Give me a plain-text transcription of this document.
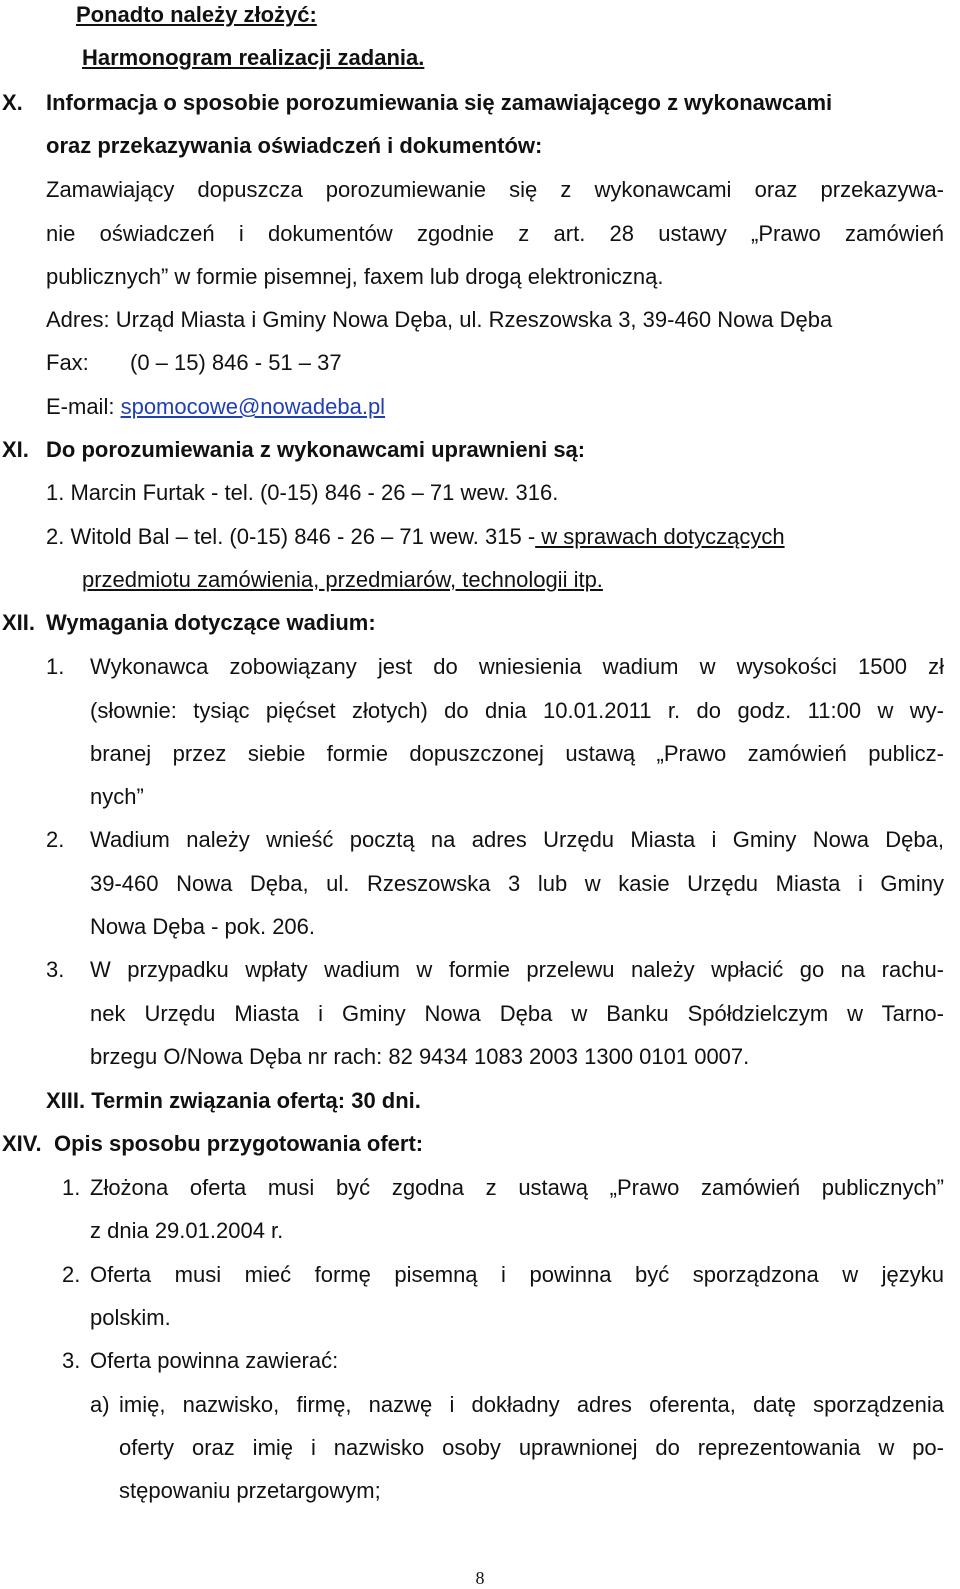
Ponadto należy złożyć:
Harmonogram realizacji zadania.
X. Informacja o sposobie porozumiewania się zamawiającego z wykonawcami
oraz przekazywania oświadczeń i dokumentów:
Zamawiający dopuszcza porozumiewanie się z wykonawcami oraz przekazywa-
nie oświadczeń i dokumentów zgodnie z art. 28 ustawy „Prawo zamówień
publicznych” w formie pisemnej, faxem lub drogą elektroniczną.
Adres: Urząd Miasta i Gminy Nowa Dęba, ul. Rzeszowska 3, 39-460 Nowa Dęba
Fax: (0 – 15) 846 - 51 – 37
E-mail: spomocowe@nowadeba.pl
XI. Do porozumiewania z wykonawcami uprawnieni są:
1. Marcin Furtak - tel. (0-15) 846 - 26 – 71 wew. 316.
2. Witold Bal – tel. (0-15) 846 - 26 – 71 wew. 315 - w sprawach dotyczących
przedmiotu zamówienia, przedmiarów, technologii itp.
XII. Wymagania dotyczące wadium:
1. Wykonawca zobowiązany jest do wniesienia wadium w wysokości 1500 zł
(słownie: tysiąc pięćset złotych) do dnia 10.01.2011 r. do godz. 11:00 w wy-
branej przez siebie formie dopuszczonej ustawą „Prawo zamówień publicz-
nych”
2. Wadium należy wnieść pocztą na adres Urzędu Miasta i Gminy Nowa Dęba,
39-460 Nowa Dęba, ul. Rzeszowska 3 lub w kasie Urzędu Miasta i Gminy
Nowa Dęba - pok. 206.
3. W przypadku wpłaty wadium w formie przelewu należy wpłacić go na rachu-
nek Urzędu Miasta i Gminy Nowa Dęba w Banku Spółdzielczym w Tarno-
brzegu O/Nowa Dęba nr rach: 82 9434 1083 2003 1300 0101 0007.
XIII. Termin związania ofertą: 30 dni.
XIV. Opis sposobu przygotowania ofert:
1. Złożona oferta musi być zgodna z ustawą „Prawo zamówień publicznych”
z dnia 29.01.2004 r.
2. Oferta musi mieć formę pisemną i powinna być sporządzona w języku
polskim.
3. Oferta powinna zawierać:
a) imię, nazwisko, firmę, nazwę i dokładny adres oferenta, datę sporządzenia
oferty oraz imię i nazwisko osoby uprawnionej do reprezentowania w po-
stępowaniu przetargowym;
8
